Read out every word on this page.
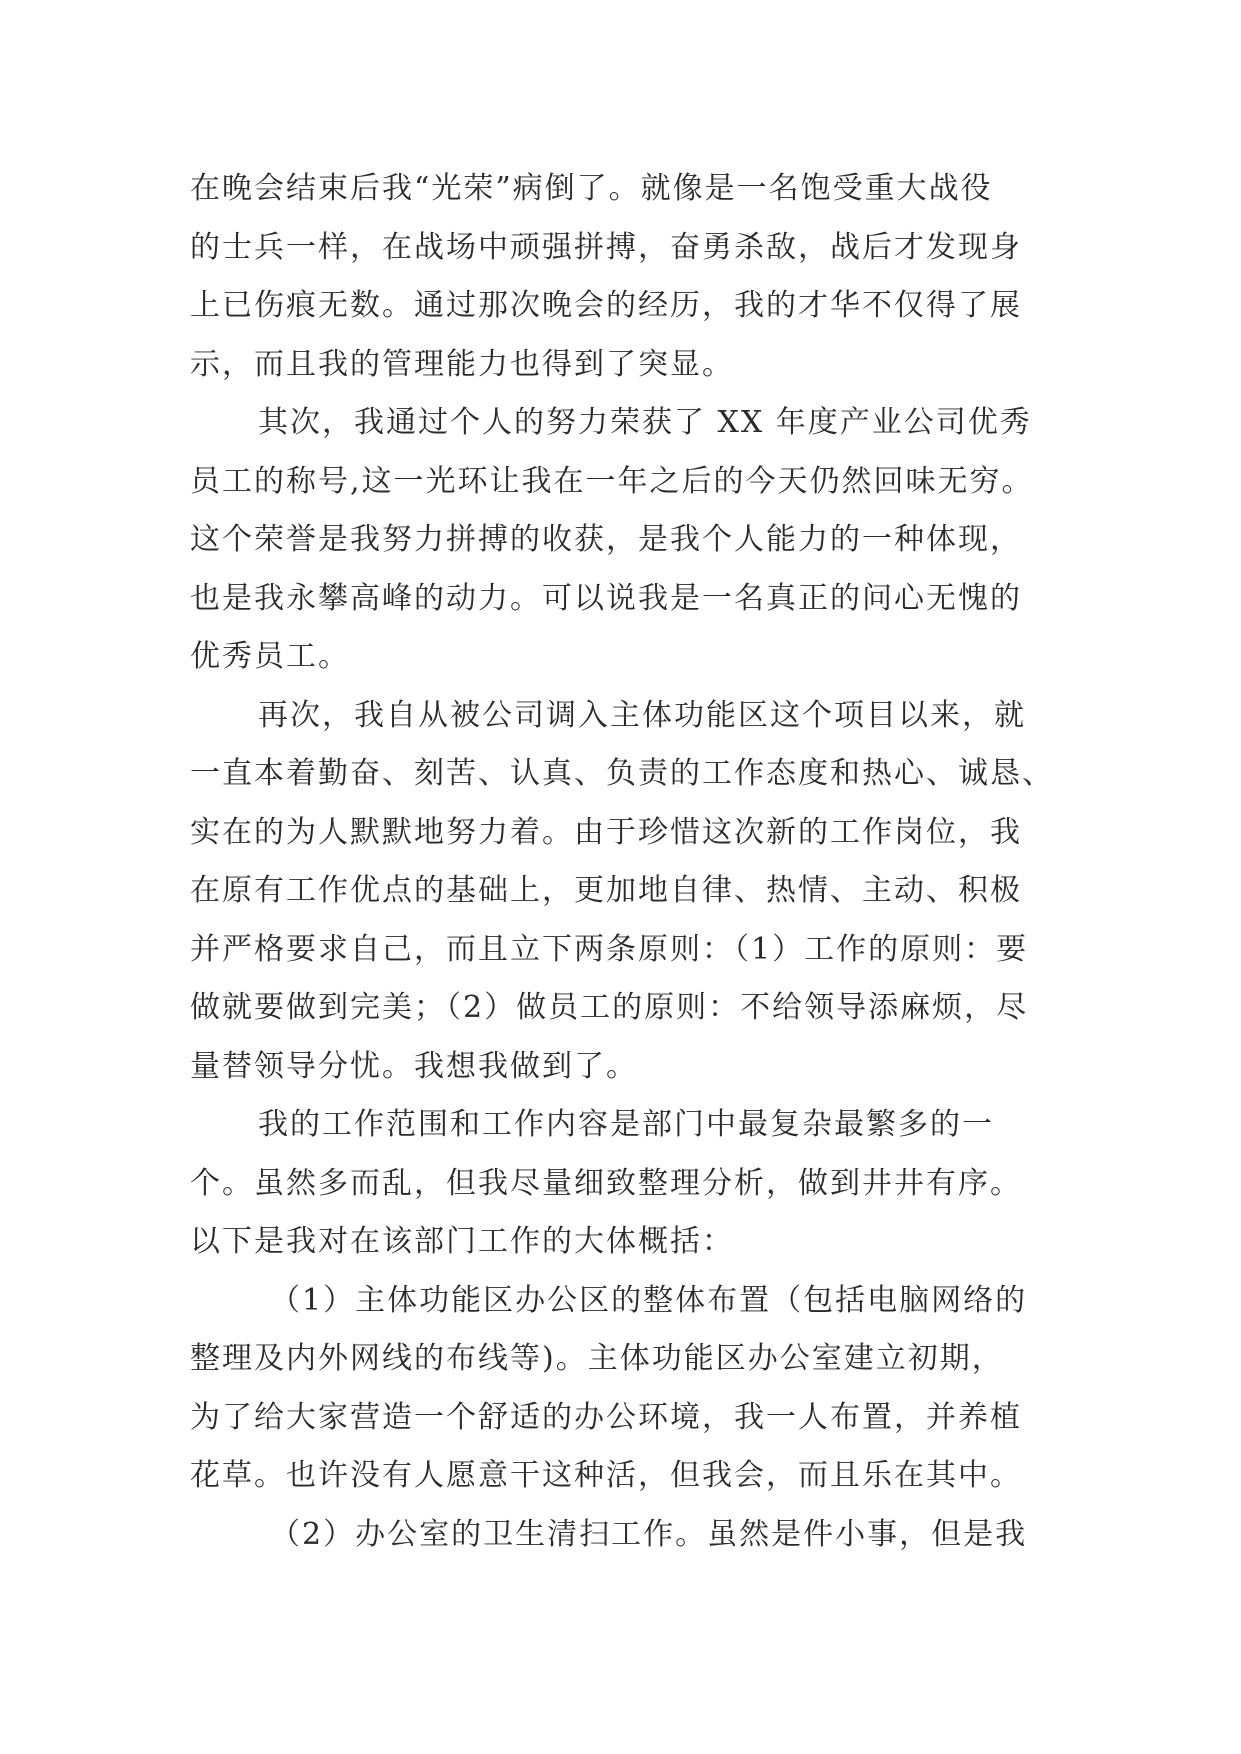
在晚会结束后我“光荣”病倒了。就像是一名饱受重大战役
的士兵一样，在战场中顽强拼搏，奋勇杀敌，战后才发现身
上已伤痕无数。通过那次晚会的经历，我的才华不仅得了展
示，而且我的管理能力也得到了突显。
其次，我通过个人的努力荣获了 XX 年度产业公司优秀
员工的称号,这一光环让我在一年之后的今天仍然回味无穷。
这个荣誉是我努力拼搏的收获，是我个人能力的一种体现，
也是我永攀高峰的动力。可以说我是一名真正的问心无愧的
优秀员工。
再次，我自从被公司调入主体功能区这个项目以来，就
一直本着勤奋、刻苦、认真、负责的工作态度和热心、诚恳、
实在的为人默默地努力着。由于珍惜这次新的工作岗位，我
在原有工作优点的基础上，更加地自律、热情、主动、积极
并严格要求自己，而且立下两条原则：（1）工作的原则：要
做就要做到完美；（2）做员工的原则：不给领导添麻烦，尽
量替领导分忧。我想我做到了。
我的工作范围和工作内容是部门中最复杂最繁多的一
个。虽然多而乱，但我尽量细致整理分析，做到井井有序。
以下是我对在该部门工作的大体概括：
（1）主体功能区办公区的整体布置（包括电脑网络的
整理及内外网线的布线等)。主体功能区办公室建立初期，
为了给大家营造一个舒适的办公环境，我一人布置，并养植
花草。也许没有人愿意干这种活，但我会，而且乐在其中。
（2）办公室的卫生清扫工作。虽然是件小事，但是我
